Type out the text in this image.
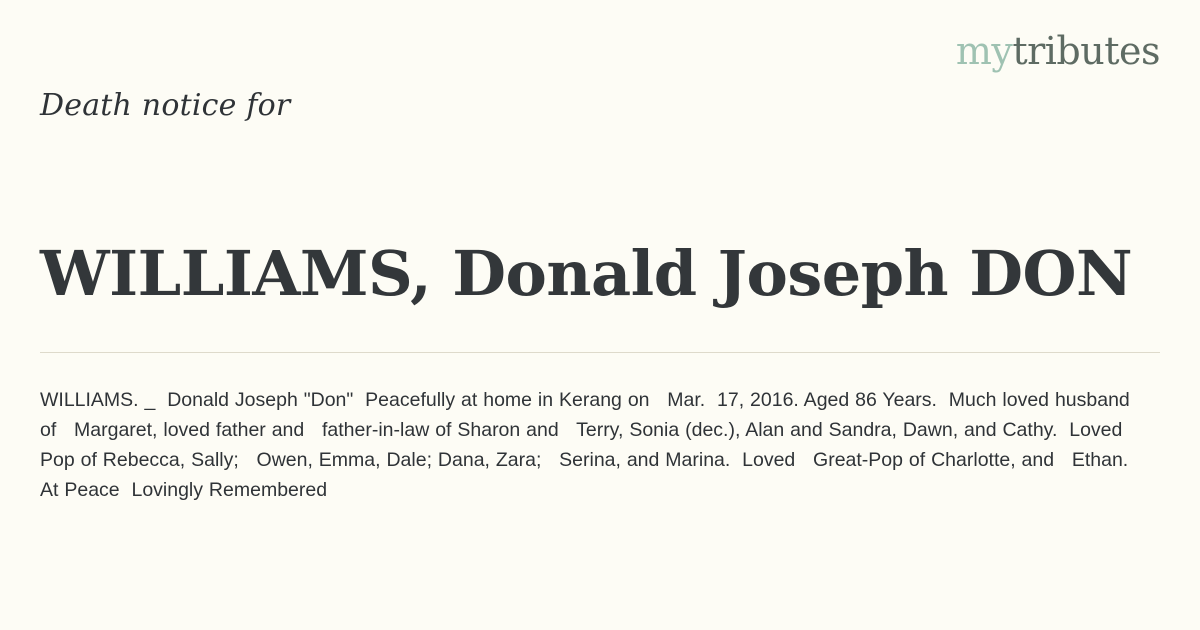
mytributes
Death notice for
WILLIAMS, Donald Joseph DON
WILLIAMS. _  Donald Joseph "Don"  Peacefully at home in Kerang on   Mar.  17, 2016. Aged 86 Years.  Much loved husband of   Margaret, loved father and   father-in-law of Sharon and   Terry, Sonia (dec.), Alan and Sandra, Dawn, and Cathy.  Loved Pop of Rebecca, Sally;   Owen, Emma, Dale; Dana, Zara;   Serina, and Marina.  Loved   Great-Pop of Charlotte, and   Ethan.   At Peace  Lovingly Remembered
